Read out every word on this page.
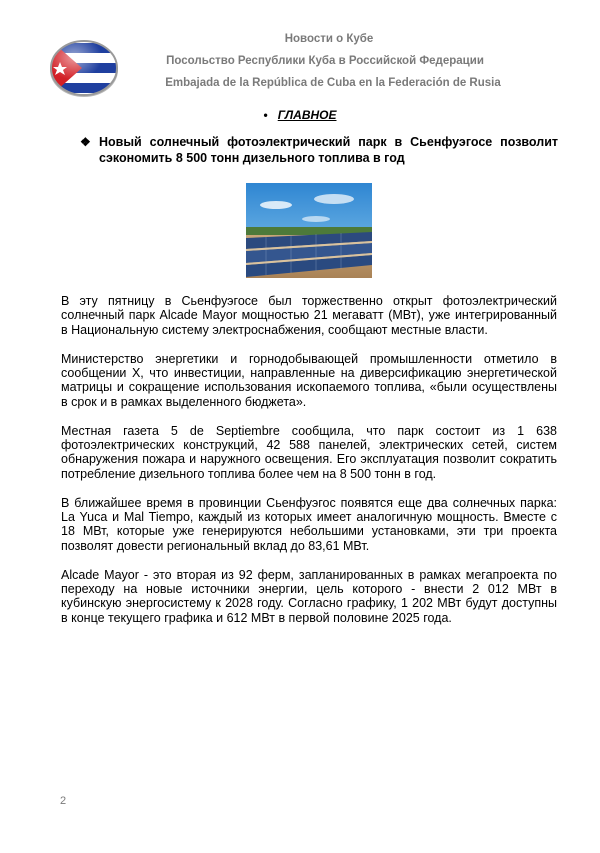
Новости о Кубе
Посольство Республики Куба в Российской Федерации
Embajada de la República de Cuba en la Federación de Rusia
• ГЛАВНОЕ
❖ Новый солнечный фотоэлектрический парк в Сьенфуэгосе позволит сэкономить 8 500 тонн дизельного топлива в год

В эту пятницу в Сьенфуэгосе был торжественно открыт фотоэлектрический солнечный парк Alcade Mayor мощностью 21 мегаватт (МВт), уже интегрированный в Национальную систему электроснабжения, сообщают местные власти.

Министерство энергетики и горнодобывающей промышленности отметило в сообщении Х, что инвестиции, направленные на диверсификацию энергетической матрицы и сокращение использования ископаемого топлива, «были осуществлены в срок и в рамках выделенного бюджета».

Местная газета 5 de Septiembre сообщила, что парк состоит из 1 638 фотоэлектрических конструкций, 42 588 панелей, электрических сетей, систем обнаружения пожара и наружного освещения. Его эксплуатация позволит сократить потребление дизельного топлива более чем на 8 500 тонн в год.

В ближайшее время в провинции Сьенфуэгос появятся еще два солнечных парка: La Yuca и Mal Tiempo, каждый из которых имеет аналогичную мощность. Вместе с 18 МВт, которые уже генерируются небольшими установками, эти три проекта позволят довести региональный вклад до 83,61 МВт.

Alcade Mayor - это вторая из 92 ферм, запланированных в рамках мегапроекта по переходу на новые источники энергии, цель которого - внести 2 012 МВт в кубинскую энергосистему к 2028 году. Согласно графику, 1 202 МВт будут доступны в конце текущего графика и 612 МВт в первой половине 2025 года.

2
